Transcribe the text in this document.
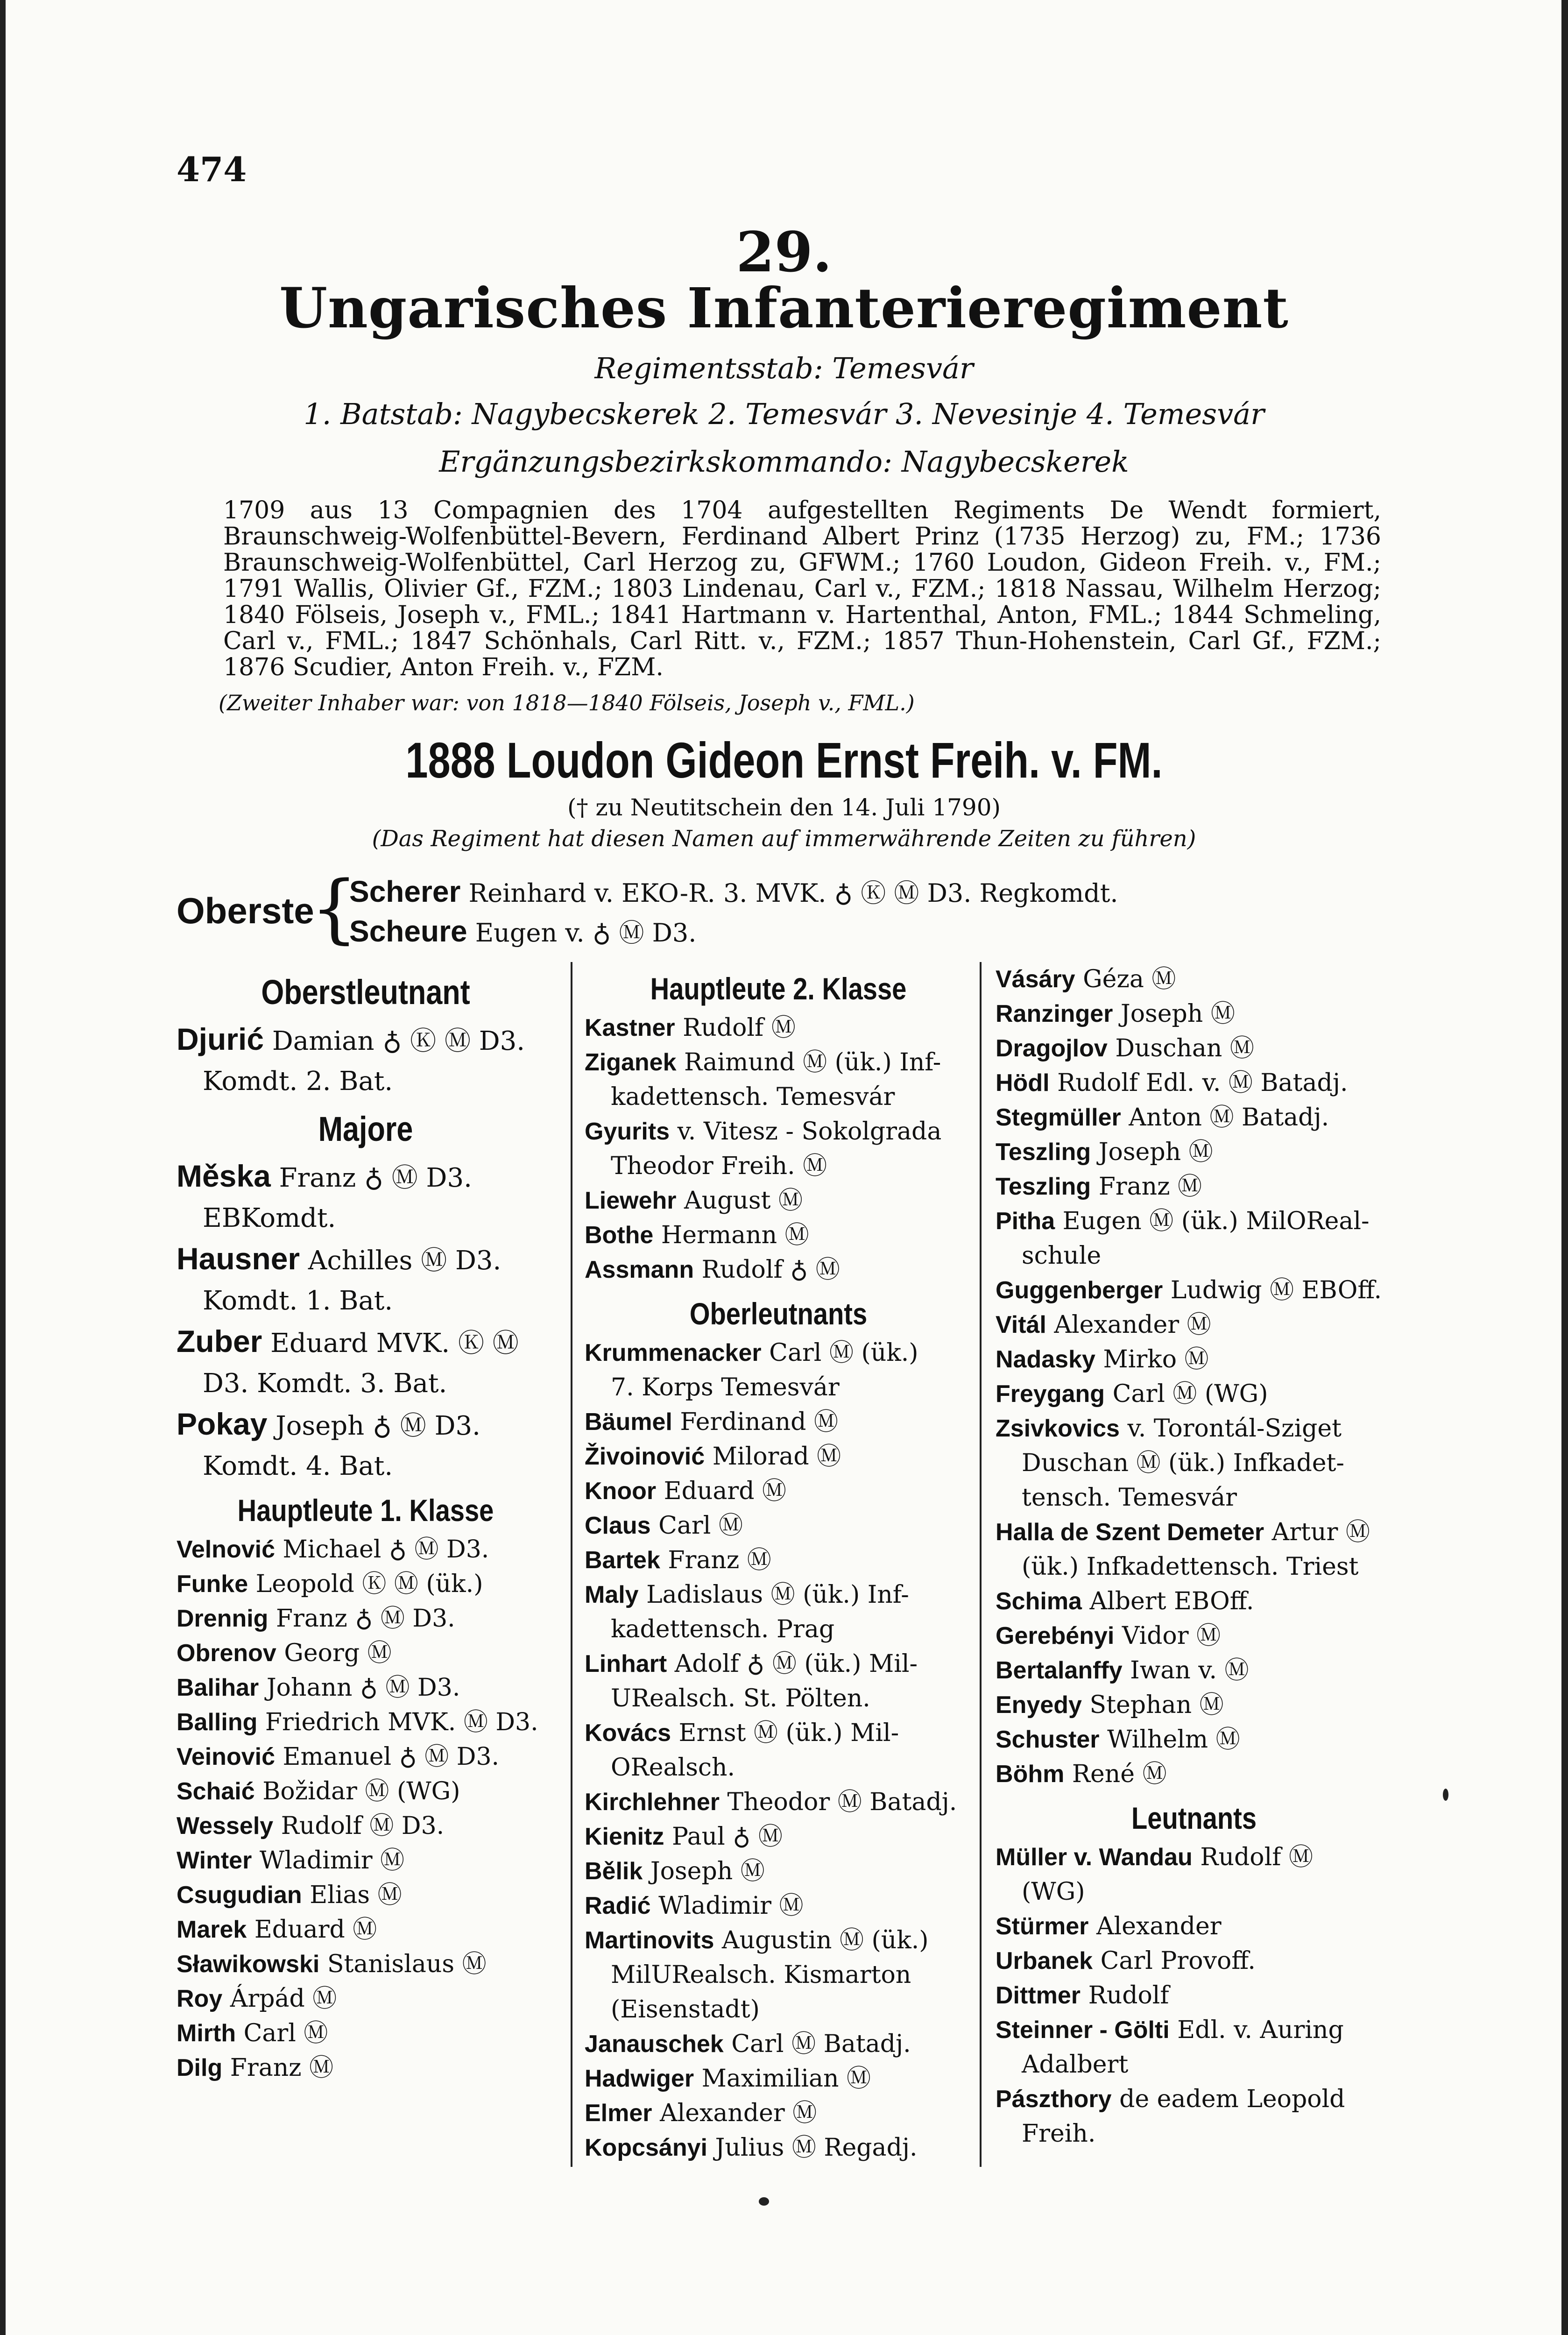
474
29.
Ungarisches Infanterieregiment
Regimentsstab: Temesvár
1. Batstab: Nagybecskerek 2. Temesvár 3. Nevesinje 4. Temesvár
Ergänzungsbezirkskommando: Nagybecskerek
1709 aus 13 Compagnien des 1704 aufgestellten Regiments De Wendt formiert, Braunschweig-Wolfenbüttel-Bevern, Ferdinand Albert Prinz (1735 Herzog) zu, FM.; 1736 Braunschweig-Wolfenbüttel, Carl Herzog zu, GFWM.; 1760 Loudon, Gideon Freih. v., FM.; 1791 Wallis, Olivier Gf., FZM.; 1803 Lindenau, Carl v., FZM.; 1818 Nassau, Wilhelm Herzog; 1840 Fölseis, Joseph v., FML.; 1841 Hartmann v. Hartenthal, Anton, FML.; 1844 Schmeling, Carl v., FML.; 1847 Schönhals, Carl Ritt. v., FZM.; 1857 Thun-Hohenstein, Carl Gf., FZM.; 1876 Scudier, Anton Freih. v., FZM.
(Zweiter Inhaber war: von 1818—1840 Fölseis, Joseph v., FML.)
1888 Loudon Gideon Ernst Freih. v. FM.
(† zu Neutitschein den 14. Juli 1790)
(Das Regiment hat diesen Namen auf immerwährende Zeiten zu führen)
Oberste
{
Scherer Reinhard v. EKO-R. 3. MVK. ♁ Ⓚ Ⓜ D3. Regkomdt.
Scheure Eugen v. ♁ Ⓜ D3.
Oberstleutnant
Djurić Damian ♁ Ⓚ Ⓜ D3.
Komdt. 2. Bat.
Majore
Měska Franz ♁ Ⓜ D3.
EBKomdt.
Hausner Achilles Ⓜ D3.
Komdt. 1. Bat.
Zuber Eduard MVK. Ⓚ Ⓜ
D3. Komdt. 3. Bat.
Pokay Joseph ♁ Ⓜ D3.
Komdt. 4. Bat.
Hauptleute 1. Klasse
Velnović Michael ♁ Ⓜ D3.
Funke Leopold Ⓚ Ⓜ (ük.)
Drennig Franz ♁ Ⓜ D3.
Obrenov Georg Ⓜ
Balihar Johann ♁ Ⓜ D3.
Balling Friedrich MVK. Ⓜ D3.
Veinović Emanuel ♁ Ⓜ D3.
Schaić Božidar Ⓜ (WG)
Wessely Rudolf Ⓜ D3.
Winter Wladimir Ⓜ
Csugudian Elias Ⓜ
Marek Eduard Ⓜ
Sławikowski Stanislaus Ⓜ
Roy Árpád Ⓜ
Mirth Carl Ⓜ
Dilg Franz Ⓜ
Hauptleute 2. Klasse
Kastner Rudolf Ⓜ
Ziganek Raimund Ⓜ (ük.) Inf-
kadettensch. Temesvár
Gyurits v. Vitesz - Sokolgrada
Theodor Freih. Ⓜ
Liewehr August Ⓜ
Bothe Hermann Ⓜ
Assmann Rudolf ♁ Ⓜ
Oberleutnants
Krummenacker Carl Ⓜ (ük.)
7. Korps Temesvár
Bäumel Ferdinand Ⓜ
Živoinović Milorad Ⓜ
Knoor Eduard Ⓜ
Claus Carl Ⓜ
Bartek Franz Ⓜ
Maly Ladislaus Ⓜ (ük.) Inf-
kadettensch. Prag
Linhart Adolf ♁ Ⓜ (ük.) Mil-
URealsch. St. Pölten.
Kovács Ernst Ⓜ (ük.) Mil-
ORealsch.
Kirchlehner Theodor Ⓜ Batadj.
Kienitz Paul ♁ Ⓜ
Bělik Joseph Ⓜ
Radić Wladimir Ⓜ
Martinovits Augustin Ⓜ (ük.)
MilURealsch. Kismarton
(Eisenstadt)
Janauschek Carl Ⓜ Batadj.
Hadwiger Maximilian Ⓜ
Elmer Alexander Ⓜ
Kopcsányi Julius Ⓜ Regadj.
Vásáry Géza Ⓜ
Ranzinger Joseph Ⓜ
Dragojlov Duschan Ⓜ
Hödl Rudolf Edl. v. Ⓜ Batadj.
Stegmüller Anton Ⓜ Batadj.
Teszling Joseph Ⓜ
Teszling Franz Ⓜ
Pitha Eugen Ⓜ (ük.) MilOReal-
schule
Guggenberger Ludwig Ⓜ EBOff.
Vitál Alexander Ⓜ
Nadasky Mirko Ⓜ
Freygang Carl Ⓜ (WG)
Zsivkovics v. Torontál-Sziget
Duschan Ⓜ (ük.) Infkadet-
tensch. Temesvár
Halla de Szent Demeter Artur Ⓜ
(ük.) Infkadettensch. Triest
Schima Albert EBOff.
Gerebényi Vidor Ⓜ
Bertalanffy Iwan v. Ⓜ
Enyedy Stephan Ⓜ
Schuster Wilhelm Ⓜ
Böhm René Ⓜ
Leutnants
Müller v. Wandau Rudolf Ⓜ
(WG)
Stürmer Alexander
Urbanek Carl Provoff.
Dittmer Rudolf
Steinner - Gölti Edl. v. Auring
Adalbert
Pászthory de eadem Leopold
Freih.
